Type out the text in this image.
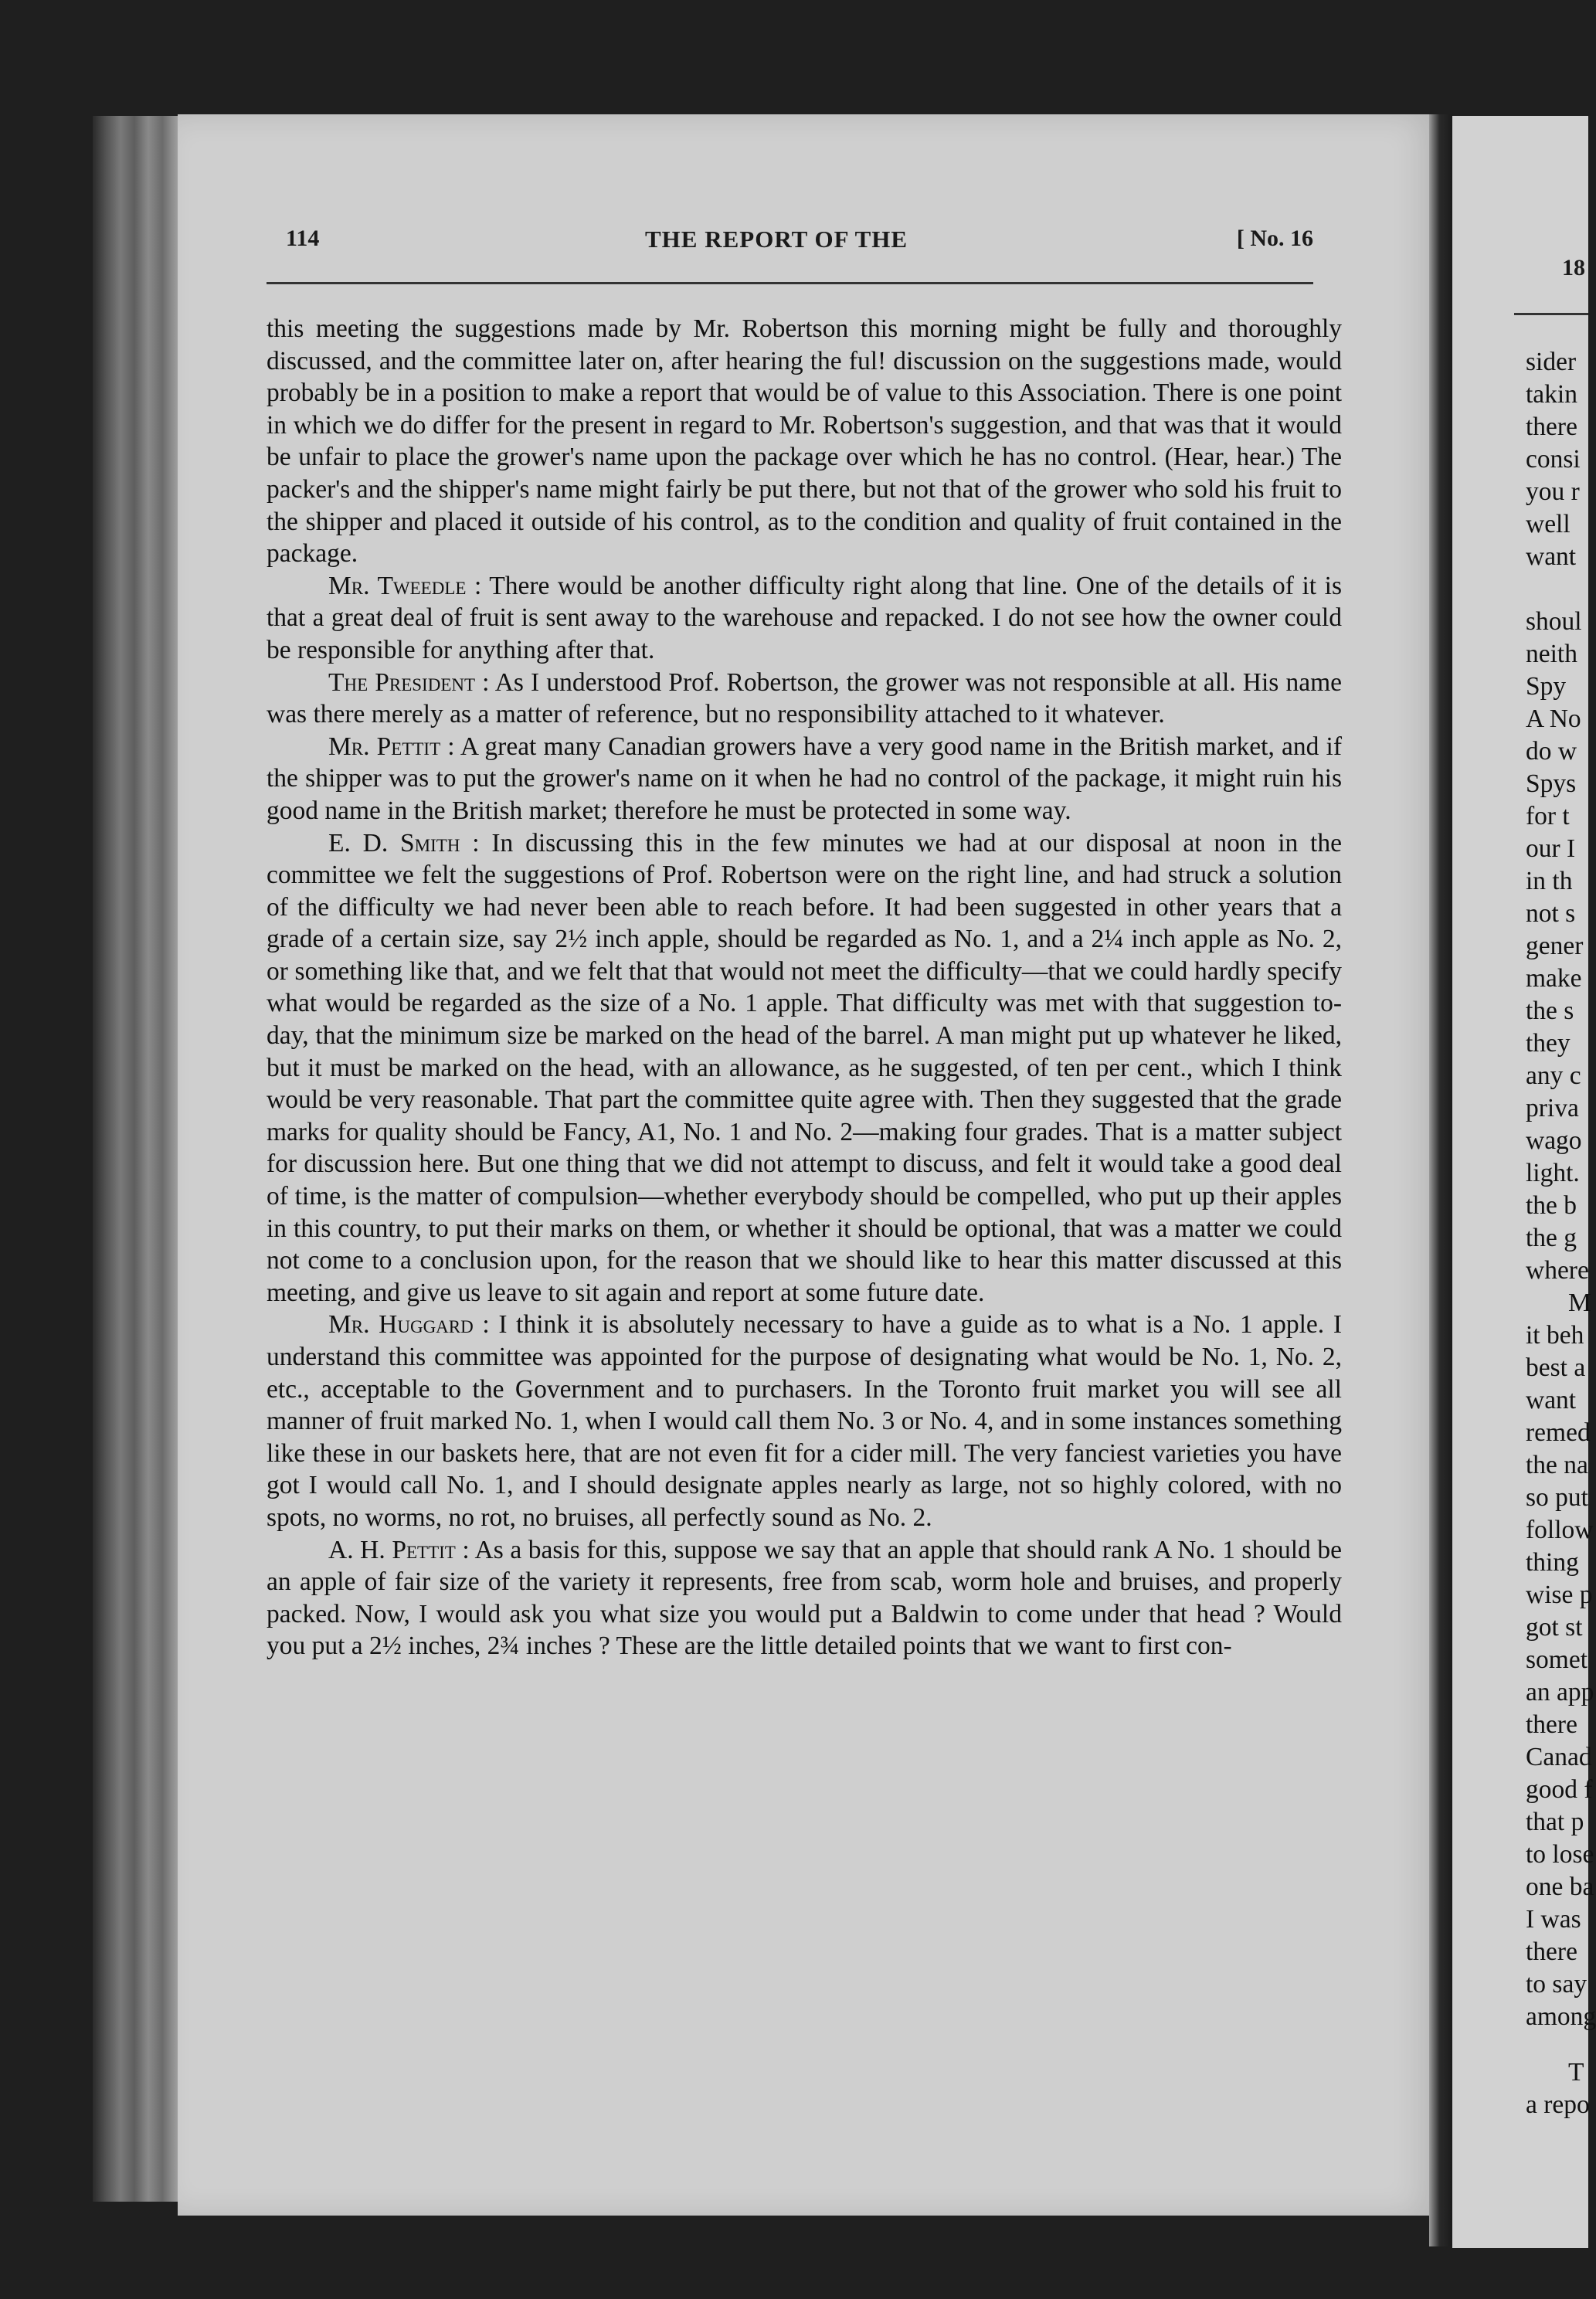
114	THE REPORT OF THE	[ No. 16

this meeting the suggestions made by Mr. Robertson this morning might be fully and thoroughly discussed, and the committee later on, after hearing the ful! discussion on the suggestions made, would probably be in a position to make a report that would be of value to this Association. There is one point in which we do differ for the present in regard to Mr. Robertson's suggestion, and that was that it would be unfair to place the grower's name upon the package over which he has no control. (Hear, hear.) The packer's and the shipper's name might fairly be put there, but not that of the grower who sold his fruit to the shipper and placed it outside of his control, as to the condition and quality of fruit contained in the package.

Mr. Tweedle : There would be another difficulty right along that line. One of the details of it is that a great deal of fruit is sent away to the warehouse and repacked. I do not see how the owner could be responsible for anything after that.

The President : As I understood Prof. Robertson, the grower was not responsible at all. His name was there merely as a matter of reference, but no responsibility attached to it whatever.

Mr. Pettit : A great many Canadian growers have a very good name in the British market, and if the shipper was to put the grower's name on it when he had no control of the package, it might ruin his good name in the British market; therefore he must be protected in some way.

E. D. Smith : In discussing this in the few minutes we had at our disposal at noon in the committee we felt the suggestions of Prof. Robertson were on the right line, and had struck a solution of the difficulty we had never been able to reach before. It had been suggested in other years that a grade of a certain size, say 2½ inch apple, should be regarded as No. 1, and a 2¼ inch apple as No. 2, or something like that, and we felt that that would not meet the difficulty—that we could hardly specify what would be regarded as the size of a No. 1 apple. That difficulty was met with that suggestion to-day, that the minimum size be marked on the head of the barrel. A man might put up whatever he liked, but it must be marked on the head, with an allowance, as he suggested, of ten per cent., which I think would be very reasonable. That part the committee quite agree with. Then they suggested that the grade marks for quality should be Fancy, A1, No. 1 and No. 2—making four grades. That is a matter subject for discussion here. But one thing that we did not attempt to discuss, and felt it would take a good deal of time, is the matter of compulsion—whether everybody should be compelled, who put up their apples in this country, to put their marks on them, or whether it should be optional, that was a matter we could not come to a conclusion upon, for the reason that we should like to hear this matter discussed at this meeting, and give us leave to sit again and report at some future date.

Mr. Huggard : I think it is absolutely necessary to have a guide as to what is a No. 1 apple. I understand this committee was appointed for the purpose of designating what would be No. 1, No. 2, etc., acceptable to the Government and to purchasers. In the Toronto fruit market you will see all manner of fruit marked No. 1, when I would call them No. 3 or No. 4, and in some instances something like these in our baskets here, that are not even fit for a cider mill. The very fanciest varieties you have got I would call No. 1, and I should designate apples nearly as large, not so highly colored, with no spots, no worms, no rot, no bruises, all perfectly sound as No. 2.

A. H. Pettit : As a basis for this, suppose we say that an apple that should rank A No. 1 should be an apple of fair size of the variety it represents, free from scab, worm hole and bruises, and properly packed. Now, I would ask you what size you would put a Baldwin to come under that head ? Would you put a 2½ inches, 2¾ inches ? These are the little detailed points that we want to first con-

18
sider
takin
there
consi
you r
well
want
shoul
neith
Spy
A No
do w
Spys
for t
our I
in th
not s
gener
make
the s
they
any c
priva
wago
light.
the b
the g
where
M
it beh
best a
want
remed
the na
so put
follow
thing
wise p
got st
somet
an app
there
Canad
good f
that p
to lose
one ba
I was
there
to say
among
T
a repo
